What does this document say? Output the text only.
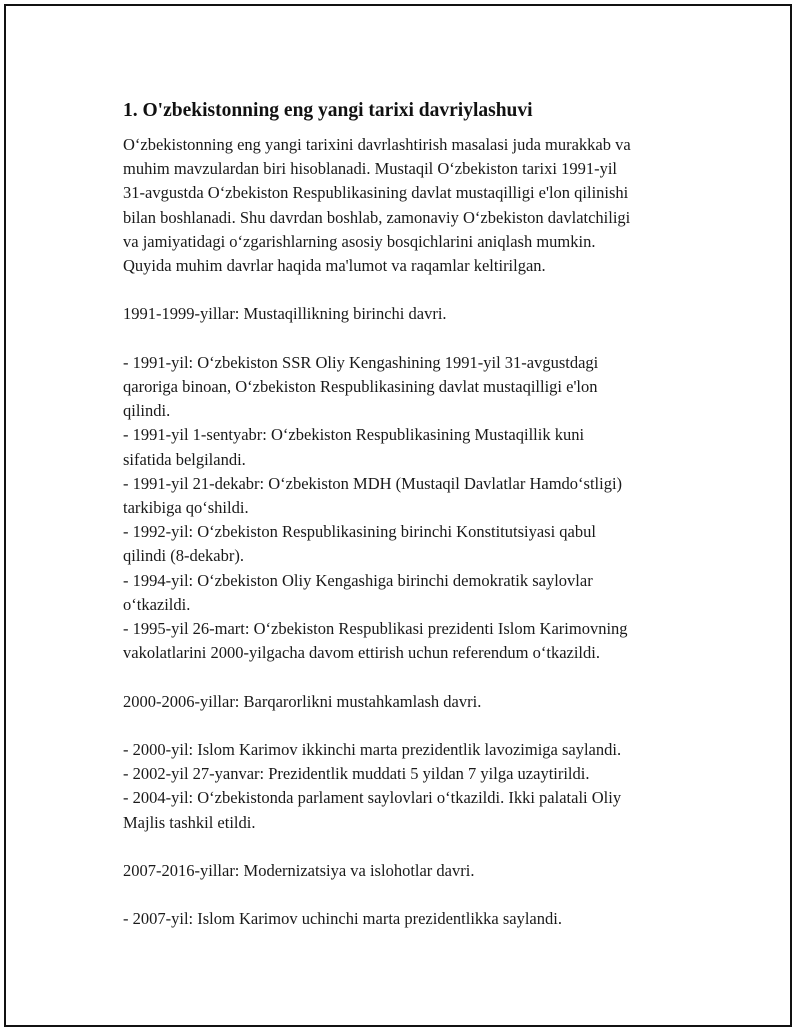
1. O'zbekistonning eng yangi tarixi davriylashuvi

O‘zbekistonning eng yangi tarixini davrlashtirish masalasi juda murakkab va
muhim mavzulardan biri hisoblanadi. Mustaqil O‘zbekiston tarixi 1991-yil
31-avgustda O‘zbekiston Respublikasining davlat mustaqilligi e'lon qilinishi
bilan boshlanadi. Shu davrdan boshlab, zamonaviy O‘zbekiston davlatchiligi
va jamiyatidagi o‘zgarishlarning asosiy bosqichlarini aniqlash mumkin.
Quyida muhim davrlar haqida ma'lumot va raqamlar keltirilgan.

1991-1999-yillar: Mustaqillikning birinchi davri.

- 1991-yil: O‘zbekiston SSR Oliy Kengashining 1991-yil 31-avgustdagi
qaroriga binoan, O‘zbekiston Respublikasining davlat mustaqilligi e'lon
qilindi.
- 1991-yil 1-sentyabr: O‘zbekiston Respublikasining Mustaqillik kuni
sifatida belgilandi.
- 1991-yil 21-dekabr: O‘zbekiston MDH (Mustaqil Davlatlar Hamdo‘stligi)
tarkibiga qo‘shildi.
- 1992-yil: O‘zbekiston Respublikasining birinchi Konstitutsiyasi qabul
qilindi (8-dekabr).
- 1994-yil: O‘zbekiston Oliy Kengashiga birinchi demokratik saylovlar
o‘tkazildi.
- 1995-yil 26-mart: O‘zbekiston Respublikasi prezidenti Islom Karimovning
vakolatlarini 2000-yilgacha davom ettirish uchun referendum o‘tkazildi.

2000-2006-yillar: Barqarorlikni mustahkamlash davri.

- 2000-yil: Islom Karimov ikkinchi marta prezidentlik lavozimiga saylandi.
- 2002-yil 27-yanvar: Prezidentlik muddati 5 yildan 7 yilga uzaytirildi.
- 2004-yil: O‘zbekistonda parlament saylovlari o‘tkazildi. Ikki palatali Oliy
Majlis tashkil etildi.

2007-2016-yillar: Modernizatsiya va islohotlar davri.

- 2007-yil: Islom Karimov uchinchi marta prezidentlikka saylandi.
